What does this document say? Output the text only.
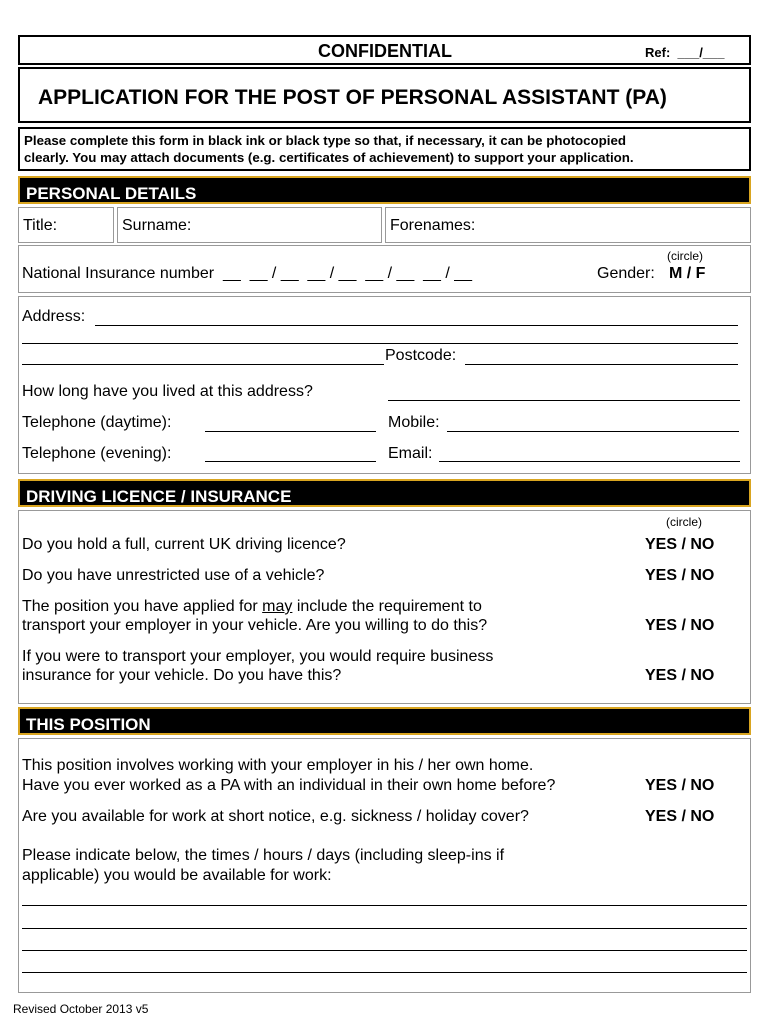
CONFIDENTIAL	Ref:  ___/___
APPLICATION FOR THE POST OF PERSONAL ASSISTANT (PA)
Please complete this form in black ink or black type so that, if necessary, it can be photocopied
clearly. You may attach documents (e.g. certificates of achievement) to support your application.
PERSONAL DETAILS
Title:	Surname:	Forenames:
(circle)
National Insurance number  __  __ / __  __ / __  __ / __  __ / __	Gender: M / F
Address:
Postcode:
How long have you lived at this address?
Telephone (daytime):	Mobile:
Telephone (evening):	Email:
DRIVING LICENCE / INSURANCE
(circle)
Do you hold a full, current UK driving licence?	YES / NO
Do you have unrestricted use of a vehicle?	YES / NO
The position you have applied for may include the requirement to
transport your employer in your vehicle. Are you willing to do this?	YES / NO
If you were to transport your employer, you would require business
insurance for your vehicle. Do you have this?	YES / NO
THIS POSITION
This position involves working with your employer in his / her own home.
Have you ever worked as a PA with an individual in their own home before?	YES / NO
Are you available for work at short notice, e.g. sickness / holiday cover?	YES / NO
Please indicate below, the times / hours / days (including sleep-ins if
applicable) you would be available for work:
Revised October 2013 v5
